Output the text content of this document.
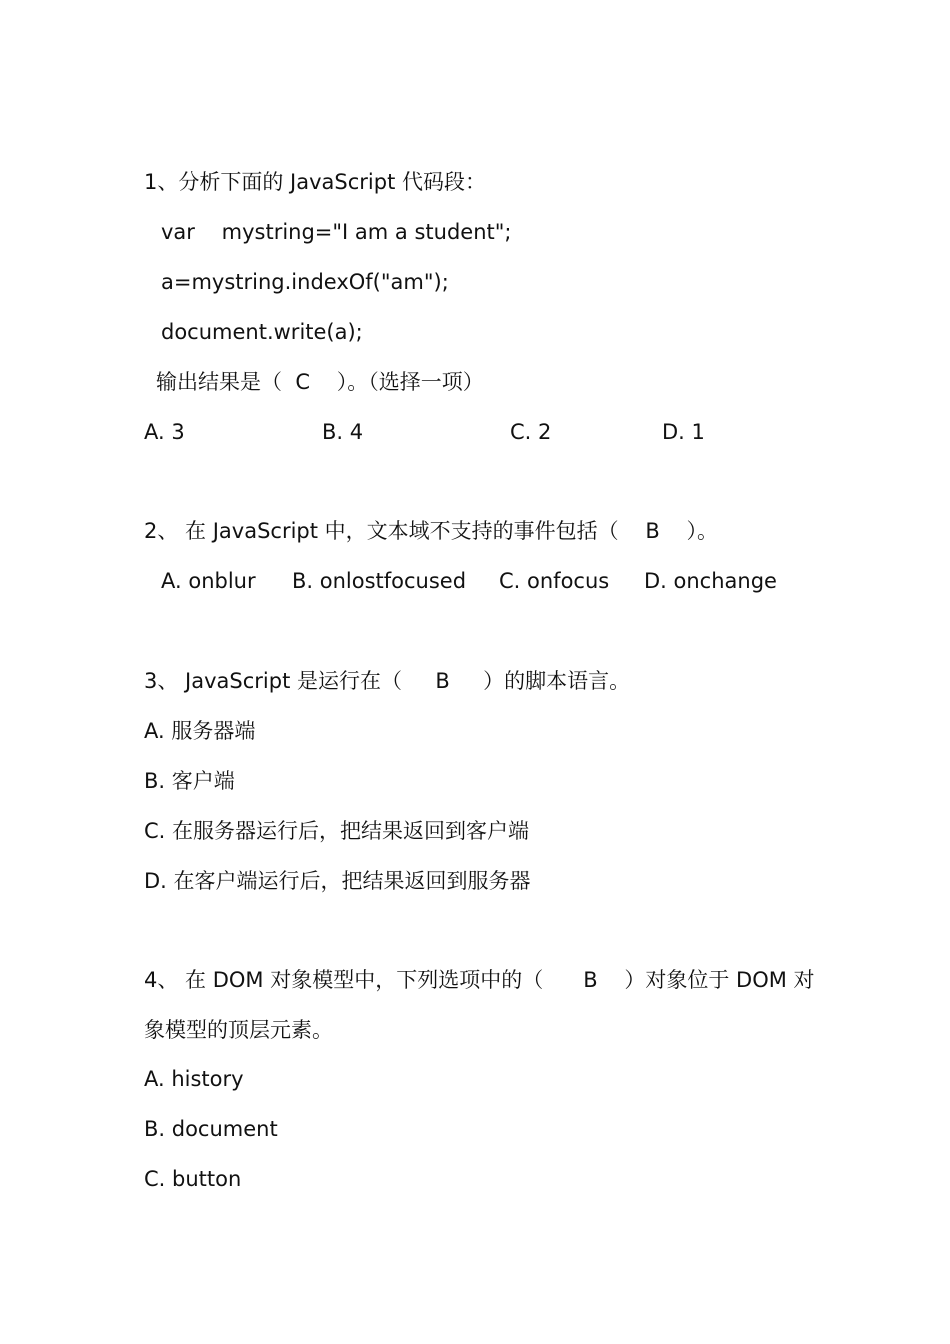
1、分析下面的 JavaScript 代码段：
var    mystring="I am a student";
a=mystring.indexOf("am");
document.write(a);
输出结果是（  C    ）。（选择一项）
A. 3	B. 4	C. 2	D. 1
2、 在 JavaScript 中，文本域不支持的事件包括（    B    ）。
A. onblur B. onlostfocused C. onfocus D. onchange
3、 JavaScript 是运行在（     B     ）的脚本语言。
A. 服务器端
B. 客户端
C. 在服务器运行后，把结果返回到客户端
D. 在客户端运行后，把结果返回到服务器
4、 在 DOM 对象模型中，下列选项中的（      B    ）对象位于 DOM 对
象模型的顶层元素。
A. history
B. document
C. button
